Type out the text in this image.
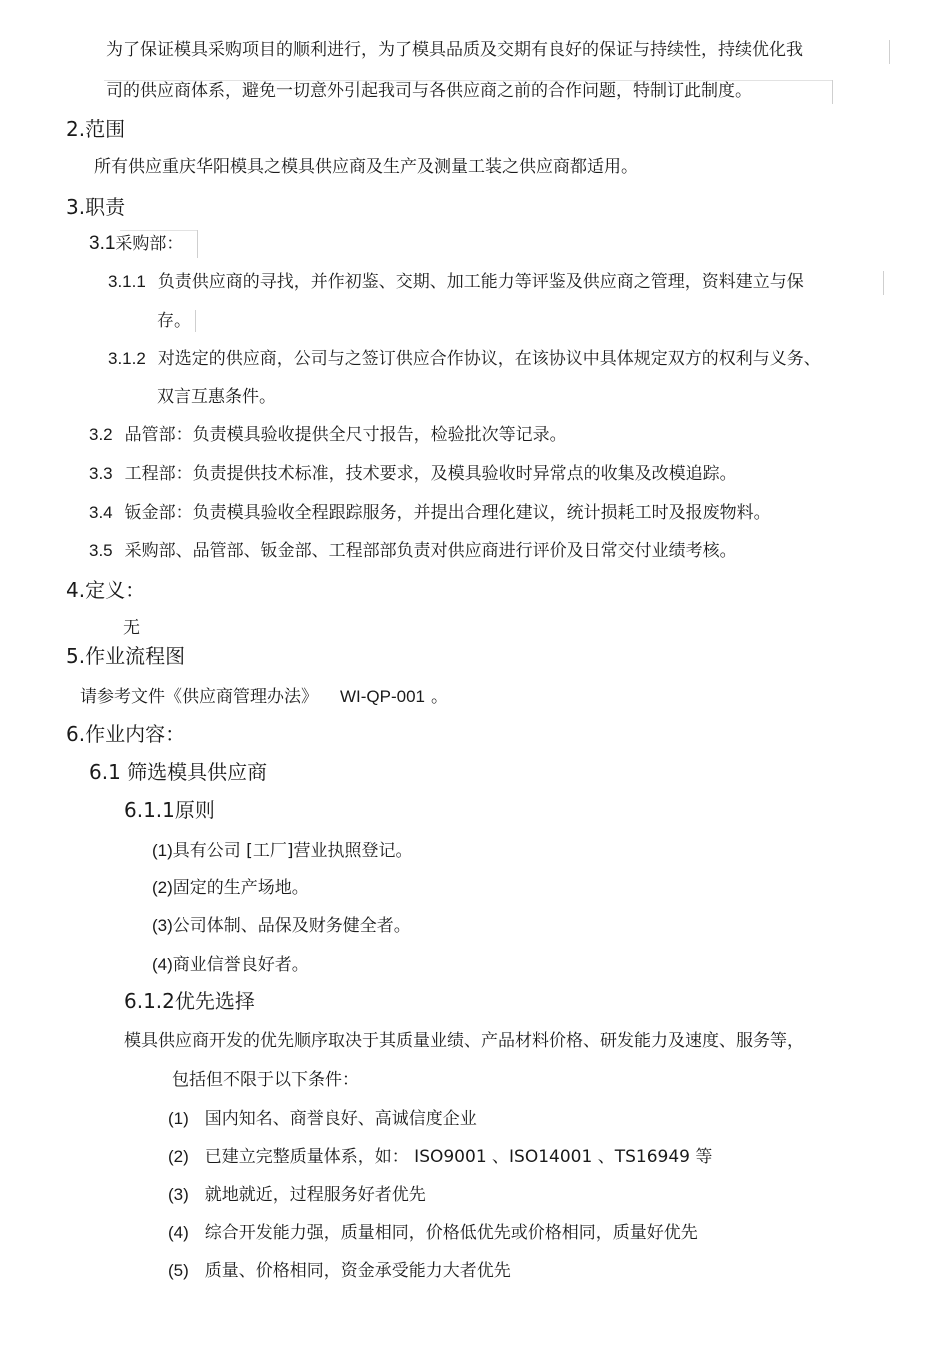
为了保证模具采购项目的顺利进行，为了模具品质及交期有良好的保证与持续性，持续优化我
司的供应商体系，避免一切意外引起我司与各供应商之前的合作问题，特制订此制度。
2.范围
所有供应重庆华阳模具之模具供应商及生产及测量工装之供应商都适用。
3.职责
3.1采购部：
3.1.1 负责供应商的寻找，并作初鉴、交期、加工能力等评鉴及供应商之管理，资料建立与保
存。
3.1.2 对选定的供应商，公司与之签订供应合作协议，在该协议中具体规定双方的权利与义务、
双言互惠条件。
3.2 品管部：负责模具验收提供全尺寸报告，检验批次等记录。
3.3 工程部：负责提供技术标准，技术要求，及模具验收时异常点的收集及改模追踪。
3.4 钣金部：负责模具验收全程跟踪服务，并提出合理化建议，统计损耗工时及报废物料。
3.5 采购部、品管部、钣金部、工程部部负责对供应商进行评价及日常交付业绩考核。
4.定义：
无
5.作业流程图
请参考文件《供应商管理办法》 WI-QP-001 。
6.作业内容：
6.1 筛选模具供应商
6.1.1原则
(1)具有公司 [工厂]营业执照登记。
(2)固定的生产场地。
(3)公司体制、品保及财务健全者。
(4)商业信誉良好者。
6.1.2优先选择
模具供应商开发的优先顺序取决于其质量业绩、产品材料价格、研发能力及速度、服务等，
包括但不限于以下条件：
(1) 国内知名、商誉良好、高诚信度企业
(2) 已建立完整质量体系，如： ISO9001 、ISO14001 、TS16949 等
(3) 就地就近，过程服务好者优先
(4) 综合开发能力强，质量相同，价格低优先或价格相同，质量好优先
(5) 质量、价格相同，资金承受能力大者优先
